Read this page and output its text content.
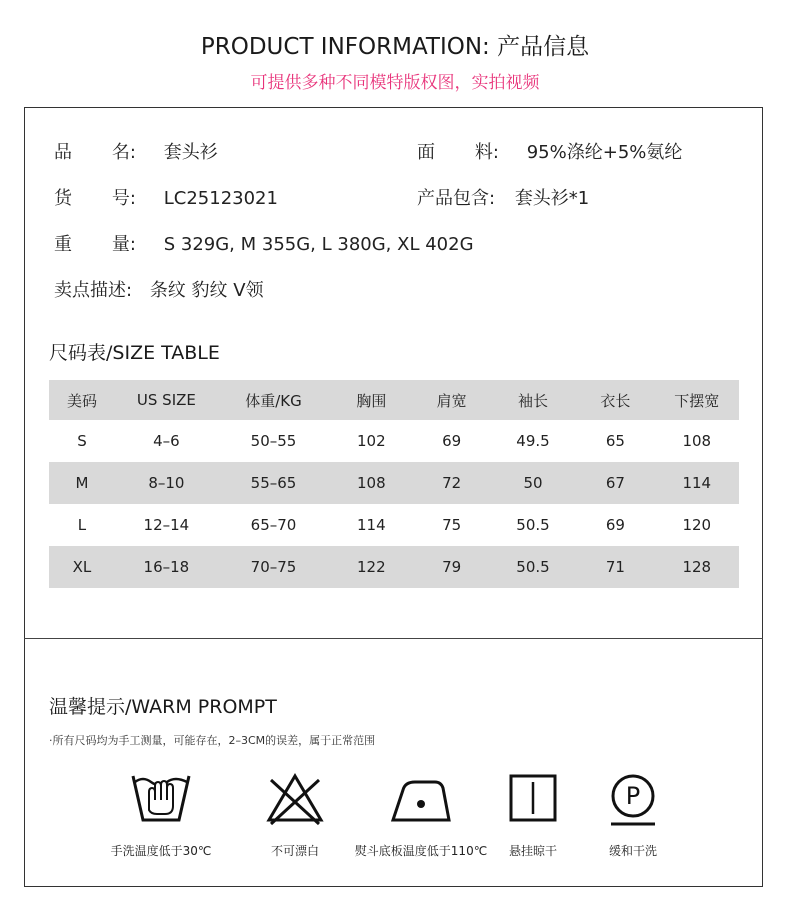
PRODUCT INFORMATION: 产品信息
可提供多种不同模特版权图，实拍视频
品 名: 套头衫	面 料: 95%涤纶+5%氨纶
货 号: LC25123021	产品包含: 套头衫*1
重 量: S 329G, M 355G, L 380G, XL 402G
卖点描述: 条纹 豹纹 V领
尺码表/SIZE TABLE
美码	US SIZE	体重/KG	胸围	肩宽	袖长	衣长	下摆宽
S	4–6	50–55	102	69	49.5	65	108
M	8–10	55–65	108	72	50	67	114
L	12–14	65–70	114	75	50.5	69	120
XL	16–18	70–75	122	79	50.5	71	128
温馨提示/WARM PROMPT
·所有尺码均为手工测量，可能存在，2–3CM的误差，属于正常范围
手洗温度低于30℃	不可漂白	熨斗底板温度低于110℃	悬挂晾干
P
缓和干洗
